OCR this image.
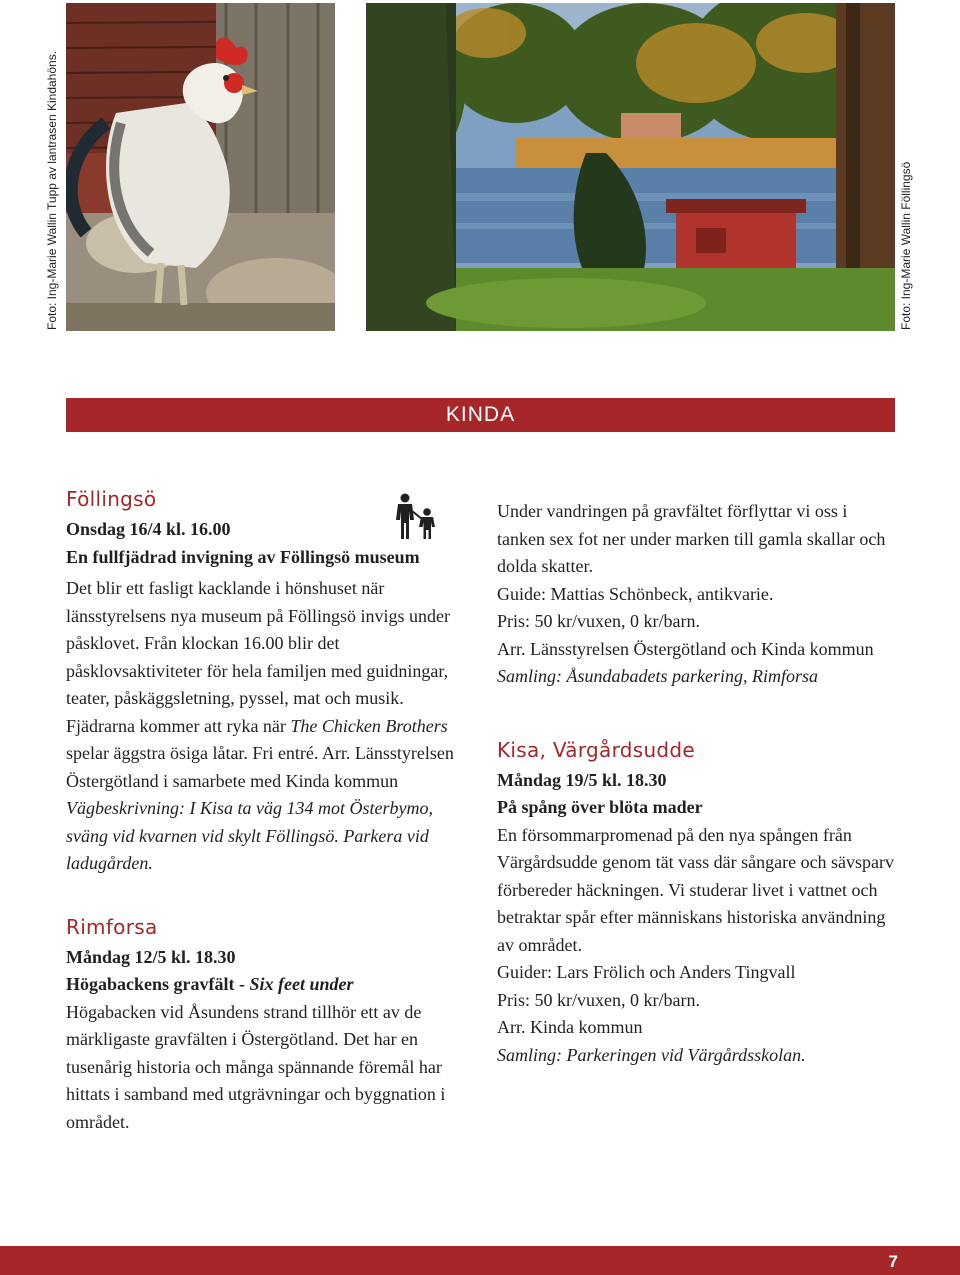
Foto: Ing-Marie Wallin Tupp av lantrasen Kindahöns.	Foto: Ing-Marie Wallin Föllingsö
KINDA
Föllingsö

Onsdag 16/4 kl. 16.00

En fullfjädrad invigning av Föllingsö museum

Det blir ett fasligt kacklande i hönshuset när länsstyrelsens nya museum på Föllingsö invigs under påsklovet. Från klockan 16.00 blir det påsklovsaktiviteter för hela familjen med guidningar, teater, påskäggsletning, pyssel, mat och musik. Fjädrarna kommer att ryka när The Chicken Brothers spelar äggstra ösiga låtar. Fri entré. Arr. Länsstyrelsen Östergötland i samarbete med Kinda kommun

Vägbeskrivning: I Kisa ta väg 134 mot Österbymo, sväng vid kvarnen vid skylt Föllingsö. Parkera vid ladugården.

Rimforsa

Måndag 12/5 kl. 18.30

Högabackens gravfält - Six feet under

Högabacken vid Åsundens strand tillhör ett av de märkligaste gravfälten i Östergötland. Det har en tusenårig historia och många spännande föremål har hittats i samband med utgrävningar och byggnation i området.

Under vandringen på gravfältet förflyttar vi oss i tanken sex fot ner under marken till gamla skallar och dolda skatter.

Guide: Mattias Schönbeck, antikvarie.

Pris: 50 kr/vuxen, 0 kr/barn.

Arr. Länsstyrelsen Östergötland och Kinda kommun

Samling: Åsundabadets parkering, Rimforsa

Kisa, Värgårdsudde

Måndag 19/5 kl. 18.30

På spång över blöta mader

En försommarpromenad på den nya spången från Värgårdsudde genom tät vass där sångare och sävsparv förbereder häckningen. Vi studerar livet i vattnet och betraktar spår efter människans historiska användning av området.

Guider: Lars Frölich och Anders Tingvall

Pris: 50 kr/vuxen, 0 kr/barn.

Arr. Kinda kommun

Samling: Parkeringen vid Värgårdsskolan.

7
